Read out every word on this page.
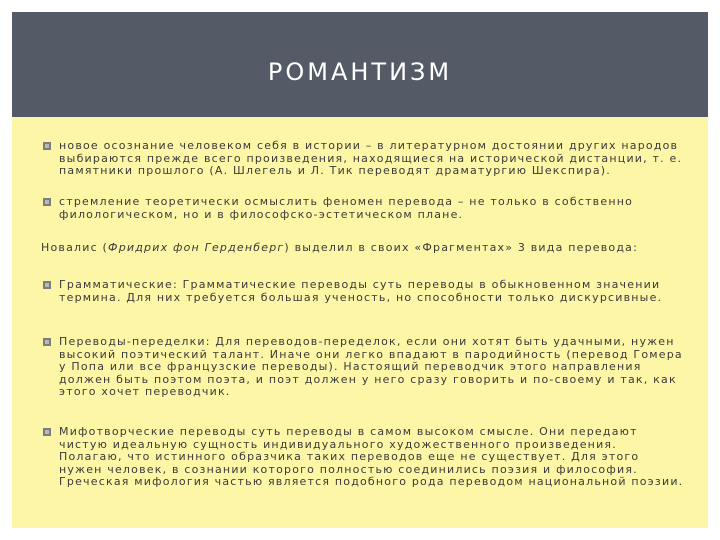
РОМАНТИЗМ

новое осознание человеком себя в истории – в литературном достоянии других народов выбираются прежде всего произведения, находящиеся на исторической дистанции, т. е. памятники прошлого (А. Шлегель и Л. Тик переводят драматургию Шекспира).

стремление теоретически осмыслить феномен перевода – не только в собственно филологическом, но и в философско-эстетическом плане.

Новалис (Фридрих фон Герденберг) выделил в своих «Фрагментах» 3 вида перевода:

Грамматические: Грамматические переводы суть переводы в обыкновенном значении термина. Для них требуется большая ученость, но способности только дискурсивные.

Переводы-переделки: Для переводов-переделок, если они хотят быть удачными, нужен высокий поэтический талант. Иначе они легко впадают в пародийность (перевод Гомера у Попа или все французские переводы). Настоящий переводчик этого направления должен быть поэтом поэта, и поэт должен у него сразу говорить и по-своему и так, как этого хочет переводчик.

Мифотворческие переводы суть переводы в самом высоком смысле. Они передают чистую идеальную сущность индивидуального художественного произведения. Полагаю, что истинного образчика таких переводов еще не существует. Для этого нужен человек, в сознании которого полностью соединились поэзия и философия. Греческая мифология частью является подобного рода переводом национальной поэзии.
